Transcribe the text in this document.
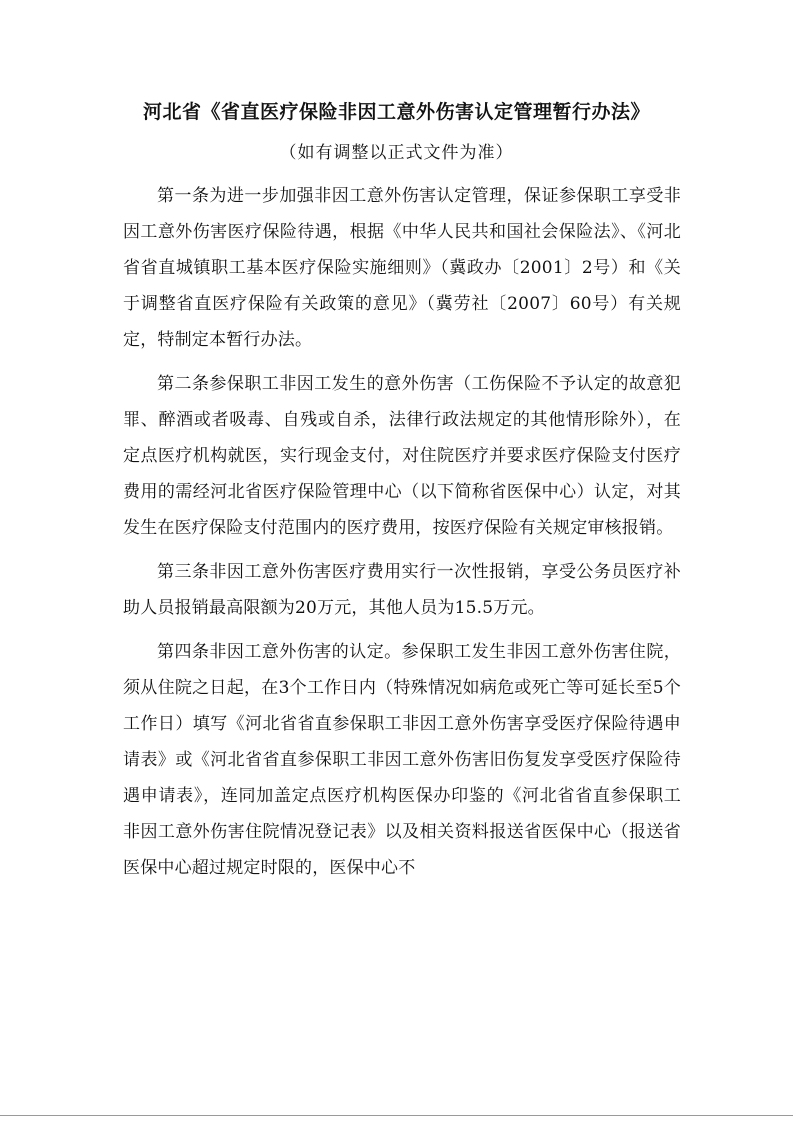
河北省《省直医疗保险非因工意外伤害认定管理暂行办法》

（如有调整以正式文件为准）

第一条为进一步加强非因工意外伤害认定管理，保证参保职工享受非因工意外伤害医疗保险待遇，根据《中华人民共和国社会保险法》、《河北省省直城镇职工基本医疗保险实施细则》（冀政办〔2001〕2号）和《关于调整省直医疗保险有关政策的意见》（冀劳社〔2007〕60号）有关规定，特制定本暂行办法。

第二条参保职工非因工发生的意外伤害（工伤保险不予认定的故意犯罪、醉酒或者吸毒、自残或自杀，法律行政法规定的其他情形除外），在定点医疗机构就医，实行现金支付，对住院医疗并要求医疗保险支付医疗费用的需经河北省医疗保险管理中心（以下简称省医保中心）认定，对其发生在医疗保险支付范围内的医疗费用，按医疗保险有关规定审核报销。

第三条非因工意外伤害医疗费用实行一次性报销，享受公务员医疗补助人员报销最高限额为20万元，其他人员为15.5万元。

第四条非因工意外伤害的认定。参保职工发生非因工意外伤害住院，须从住院之日起，在3个工作日内（特殊情况如病危或死亡等可延长至5个工作日）填写《河北省省直参保职工非因工意外伤害享受医疗保险待遇申请表》或《河北省省直参保职工非因工意外伤害旧伤复发享受医疗保险待遇申请表》，连同加盖定点医疗机构医保办印鉴的《河北省省直参保职工非因工意外伤害住院情况登记表》以及相关资料报送省医保中心（报送省医保中心超过规定时限的，医保中心不
